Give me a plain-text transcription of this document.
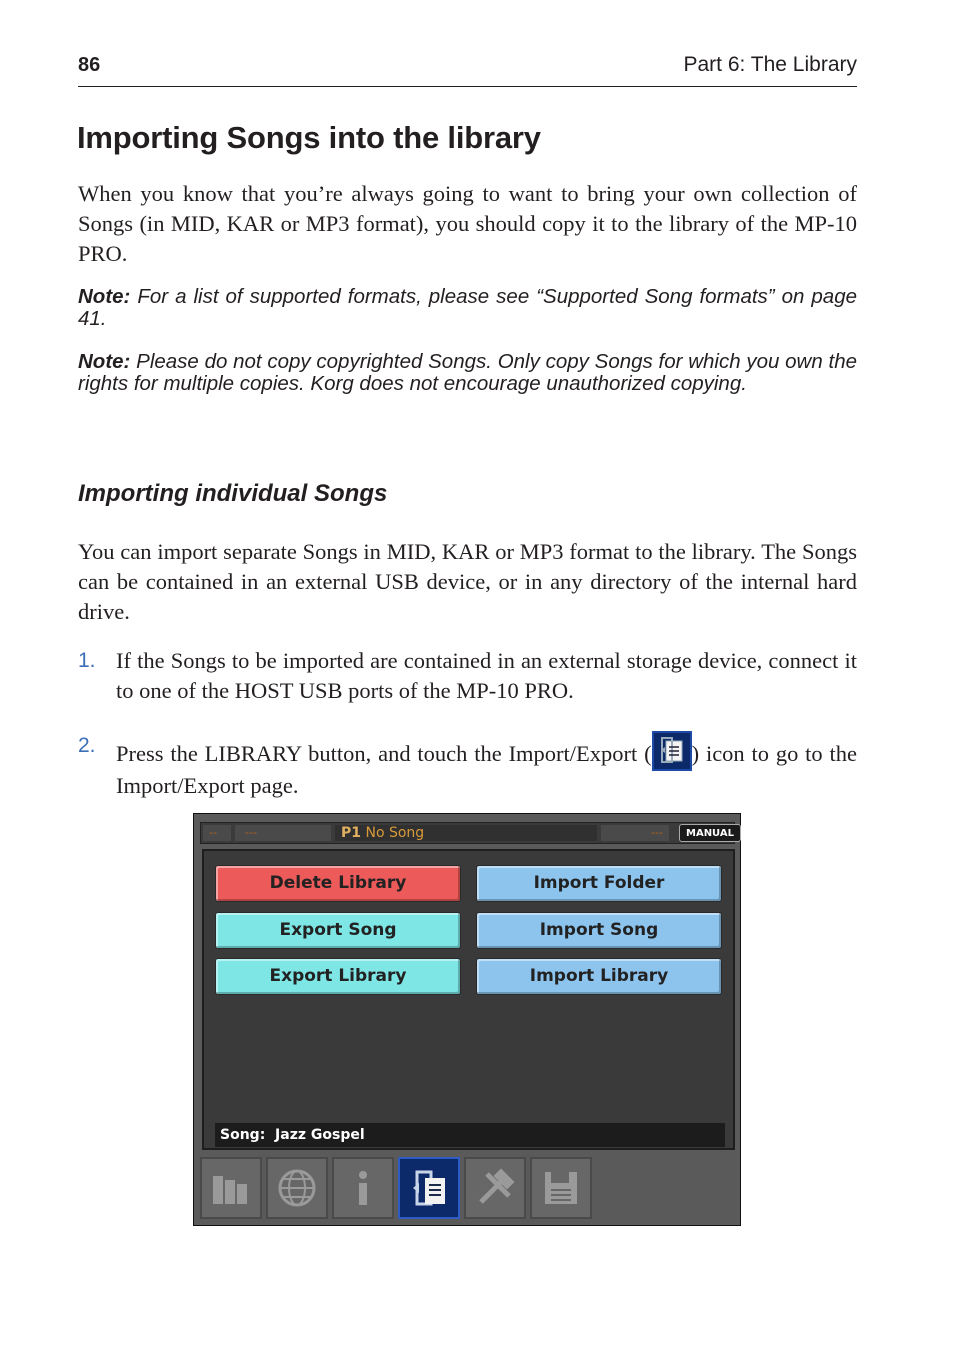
86	Part 6: The Library
Importing Songs into the library

When you know that you’re always going to want to bring your own collection of Songs (in MID, KAR or MP3 format), you should copy it to the library of the MP-10 PRO.

Note: For a list of supported formats, please see “Supported Song formats” on page 41.

Note: Please do not copy copyrighted Songs. Only copy Songs for which you own the rights for multiple copies. Korg does not encourage unauthorized copying.

Importing individual Songs

You can import separate Songs in MID, KAR or MP3 format to the library. The Songs can be contained in an external USB device, or in any directory of the internal hard drive.

1. If the Songs to be imported are contained in an external storage device, connect it to one of the HOST USB ports of the MP-10 PRO.
2. Press the LIBRARY button, and touch the Import/Export ( ) icon to go to the Import/Export page.
--	---	P1 No Song	---	MANUAL
Delete Library
Export Song
Export Library
Import Folder
Import Song
Import Library
Song: Jazz Gospel
